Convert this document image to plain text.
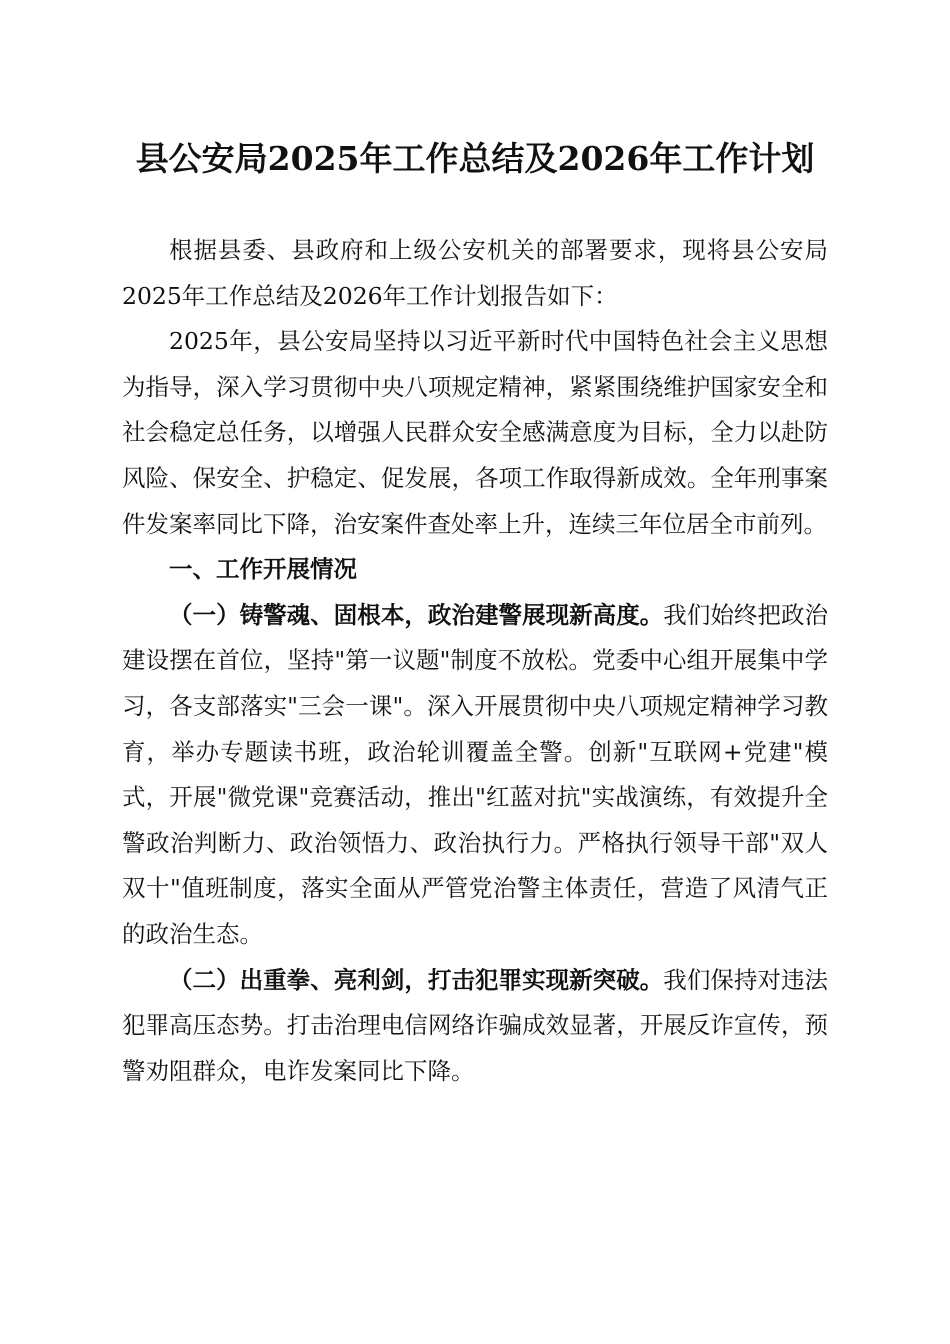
县公安局2025年工作总结及2026年工作计划

根据县委、县政府和上级公安机关的部署要求，现将县公安局2025年工作总结及2026年工作计划报告如下：

2025年，县公安局坚持以习近平新时代中国特色社会主义思想为指导，深入学习贯彻中央八项规定精神，紧紧围绕维护国家安全和社会稳定总任务，以增强人民群众安全感满意度为目标，全力以赴防风险、保安全、护稳定、促发展，各项工作取得新成效。全年刑事案件发案率同比下降，治安案件查处率上升，连续三年位居全市前列。

一、工作开展情况

（一）铸警魂、固根本，政治建警展现新高度。我们始终把政治建设摆在首位，坚持"第一议题"制度不放松。党委中心组开展集中学习，各支部落实"三会一课"。深入开展贯彻中央八项规定精神学习教育，举办专题读书班，政治轮训覆盖全警。创新"互联网+党建"模式，开展"微党课"竞赛活动，推出"红蓝对抗"实战演练，有效提升全警政治判断力、政治领悟力、政治执行力。严格执行领导干部"双人双十"值班制度，落实全面从严管党治警主体责任，营造了风清气正的政治生态。

（二）出重拳、亮利剑，打击犯罪实现新突破。我们保持对违法犯罪高压态势。打击治理电信网络诈骗成效显著，开展反诈宣传，预警劝阻群众，电诈发案同比下降。
